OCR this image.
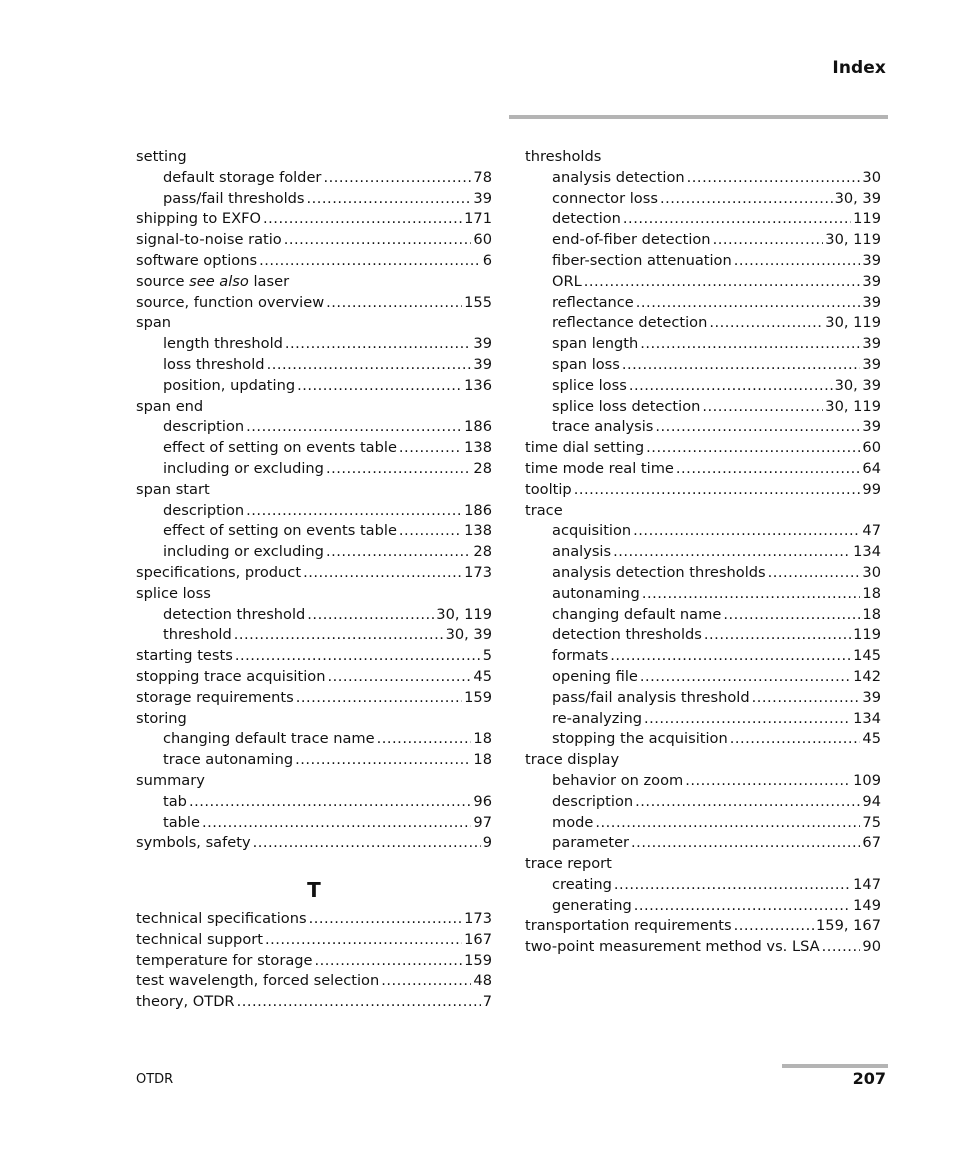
Index
setting
default storage folder .....	78
pass/fail thresholds .....	39
shipping to EXFO .....	171
signal-to-noise ratio .....	60
software options .....	6
source see also laser
source, function overview .....	155
span
length threshold .....	39
loss threshold .....	39
position, updating .....	136
span end
description .....	186
effect of setting on events table .....	138
including or excluding .....	28
span start
description .....	186
effect of setting on events table .....	138
including or excluding .....	28
specifications, product .....	173
splice loss
detection threshold .....	30, 119
threshold .....	30, 39
starting tests .....	5
stopping trace acquisition .....	45
storage requirements .....	159
storing
changing default trace name .....	18
trace autonaming .....	18
summary
tab .....	96
table .....	97
symbols, safety .....	9
T
technical specifications .....	173
technical support .....	167
temperature for storage .....	159
test wavelength, forced selection .....	48
theory, OTDR .....	7
thresholds
analysis detection .....	30
connector loss .....	30, 39
detection .....	119
end-of-fiber detection .....	30, 119
fiber-section attenuation .....	39
ORL .....	39
reflectance .....	39
reflectance detection .....	30, 119
span length .....	39
span loss .....	39
splice loss .....	30, 39
splice loss detection .....	30, 119
trace analysis .....	39
time dial setting .....	60
time mode real time .....	64
tooltip .....	99
trace
acquisition .....	47
analysis .....	134
analysis detection thresholds .....	30
autonaming .....	18
changing default name .....	18
detection thresholds .....	119
formats .....	145
opening file .....	142
pass/fail analysis threshold .....	39
re-analyzing .....	134
stopping the acquisition .....	45
trace display
behavior on zoom .....	109
description .....	94
mode .....	75
parameter .....	67
trace report
creating .....	147
generating .....	149
transportation requirements .....	159, 167
two-point measurement method vs. LSA .....	90
OTDR	207
